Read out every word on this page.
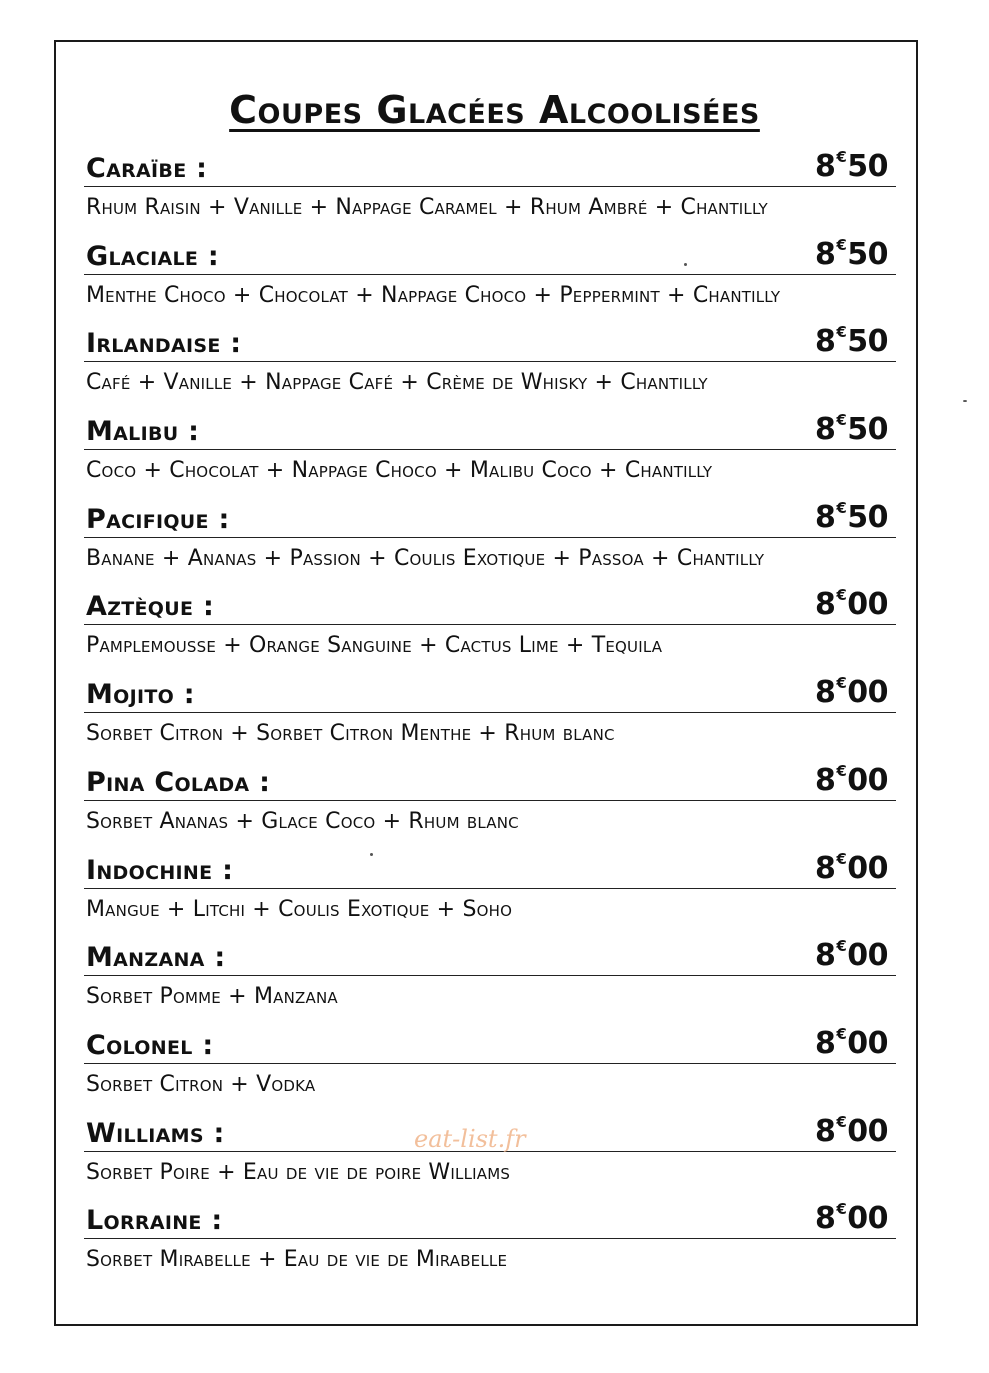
Coupes Glacées Alcoolisées
Caraïbe :	8€50
Rhum Raisin + Vanille + Nappage Caramel + Rhum Ambré + Chantilly
Glaciale :	8€50
Menthe Choco + Chocolat + Nappage Choco + Peppermint + Chantilly
Irlandaise :	8€50
Café + Vanille + Nappage Café + Crème de Whisky + Chantilly
Malibu :	8€50
Coco + Chocolat + Nappage Choco + Malibu Coco + Chantilly
Pacifique :	8€50
Banane + Ananas + Passion + Coulis Exotique + Passoa + Chantilly
Aztèque :	8€00
Pamplemousse + Orange Sanguine + Cactus Lime + Tequila
Mojito :	8€00
Sorbet Citron + Sorbet Citron Menthe + Rhum blanc
Pina Colada :	8€00
Sorbet Ananas + Glace Coco + Rhum blanc
Indochine :	8€00
Mangue + Litchi + Coulis Exotique + Soho
Manzana :	8€00
Sorbet Pomme + Manzana
Colonel :	8€00
Sorbet Citron + Vodka
Williams :	8€00
Sorbet Poire + Eau de vie de poire Williams
Lorraine :	8€00
Sorbet Mirabelle + Eau de vie de Mirabelle
eat-list.fr
